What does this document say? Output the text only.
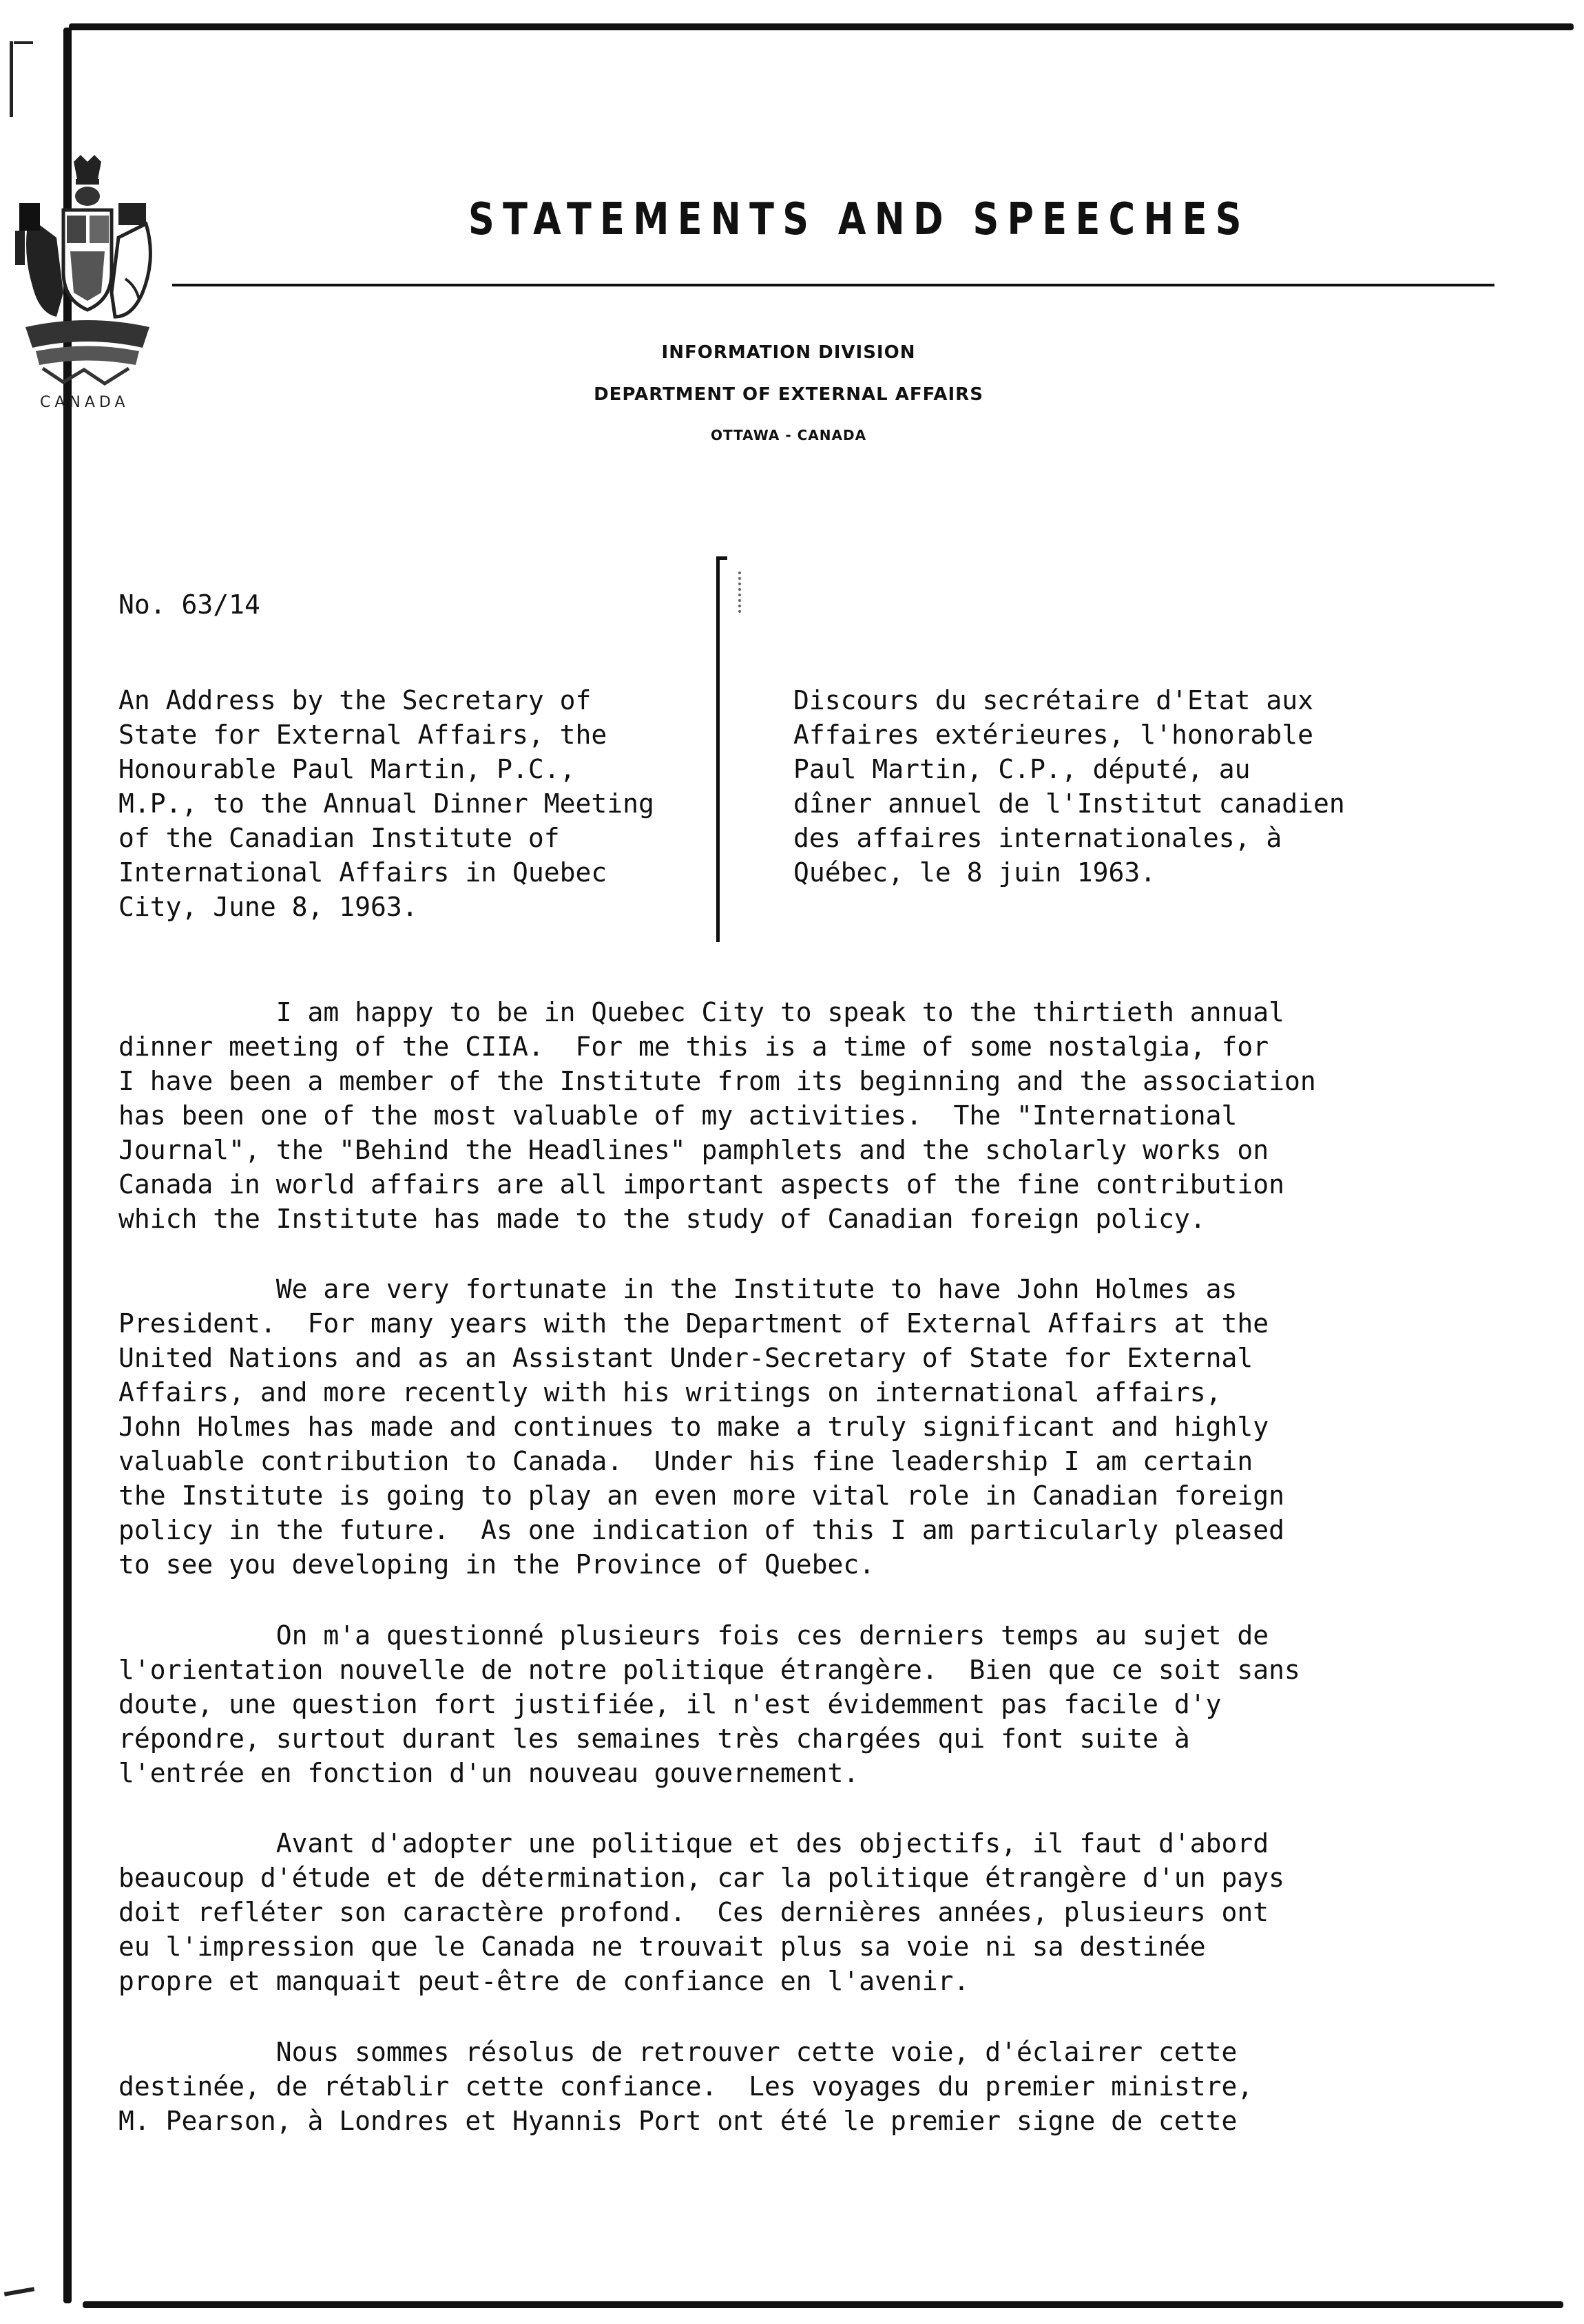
CANADA
STATEMENTS AND SPEECHES
INFORMATION DIVISION
DEPARTMENT OF EXTERNAL AFFAIRS
OTTAWA - CANADA
No. 63/14
An Address by the Secretary of
State for External Affairs, the
Honourable Paul Martin, P.C.,
M.P., to the Annual Dinner Meeting
of the Canadian Institute of
International Affairs in Quebec
City, June 8, 1963.
Discours du secrétaire d'Etat aux
Affaires extérieures, l'honorable
Paul Martin, C.P., député, au
dîner annuel de l'Institut canadien
des affaires internationales, à
Québec, le 8 juin 1963.
I am happy to be in Quebec City to speak to the thirtieth annual
dinner meeting of the CIIA.  For me this is a time of some nostalgia, for
I have been a member of the Institute from its beginning and the association
has been one of the most valuable of my activities.  The "International
Journal", the "Behind the Headlines" pamphlets and the scholarly works on
Canada in world affairs are all important aspects of the fine contribution
which the Institute has made to the study of Canadian foreign policy.
We are very fortunate in the Institute to have John Holmes as
President.  For many years with the Department of External Affairs at the
United Nations and as an Assistant Under-Secretary of State for External
Affairs, and more recently with his writings on international affairs,
John Holmes has made and continues to make a truly significant and highly
valuable contribution to Canada.  Under his fine leadership I am certain
the Institute is going to play an even more vital role in Canadian foreign
policy in the future.  As one indication of this I am particularly pleased
to see you developing in the Province of Quebec.
On m'a questionné plusieurs fois ces derniers temps au sujet de
l'orientation nouvelle de notre politique étrangère.  Bien que ce soit sans
doute, une question fort justifiée, il n'est évidemment pas facile d'y
répondre, surtout durant les semaines très chargées qui font suite à
l'entrée en fonction d'un nouveau gouvernement.
Avant d'adopter une politique et des objectifs, il faut d'abord
beaucoup d'étude et de détermination, car la politique étrangère d'un pays
doit refléter son caractère profond.  Ces dernières années, plusieurs ont
eu l'impression que le Canada ne trouvait plus sa voie ni sa destinée
propre et manquait peut-être de confiance en l'avenir.
Nous sommes résolus de retrouver cette voie, d'éclairer cette
destinée, de rétablir cette confiance.  Les voyages du premier ministre,
M. Pearson, à Londres et Hyannis Port ont été le premier signe de cette
